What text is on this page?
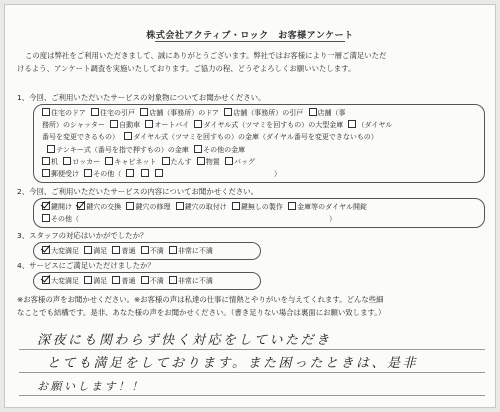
株式会社アクティブ・ロック　お客様アンケート
この度は弊社をご利用いただきまして、誠にありがとうございます。弊社ではお客様により一層ご満足いただ
けるよう、アンケート調査を実施いたしております。ご協力の程、どうぞよろしくお願いいたします。
1、今回、ご利用いただいたサービスの対象物についてお聞かせください。
住宅のドア 住宅の引戸 店舗（事務所）のドア 店舗（事務所）の引戸 店舗（事
務所）のシャッター 自動車 オートバイ ダイヤル式（ツマミを回すもの）の大型金庫 （ダイヤル
番号を変更できるもの） ダイヤル式（ツマミを回すもの）の金庫（ダイヤル番号を変更できないもの）
テンキー式（番号を指で押すもの）の金庫 その他の金庫
机 ロッカー キャビネット たんす 物置 バッグ
郵便受け その他（	）
2、今回、ご利用いただいたサービスの内容についてお聞かせください。
鍵開け 鍵穴の交換 鍵穴の修理 鍵穴の取付け 鍵無しの製作 金庫等のダイヤル開錠
その他（	）
3、スタッフの対応はいかがでしたか？
大変満足 満足 普通 不満 非常に不満
4、サービスにご満足いただけましたか？
大変満足 満足 普通 不満 非常に不満
※お客様の声をお聞かせください。※お客様の声は私達の仕事に情熱とやりがいを与えてくれます。どんな些細
なことでも結構です。是非、あなた様の声をお聞かせください。（書き足りない場合は裏面にお願い致します。）
深夜にも関わらず快く対応をしていただき
とても満足をしております。また困ったときは、是非
お願いします！！
